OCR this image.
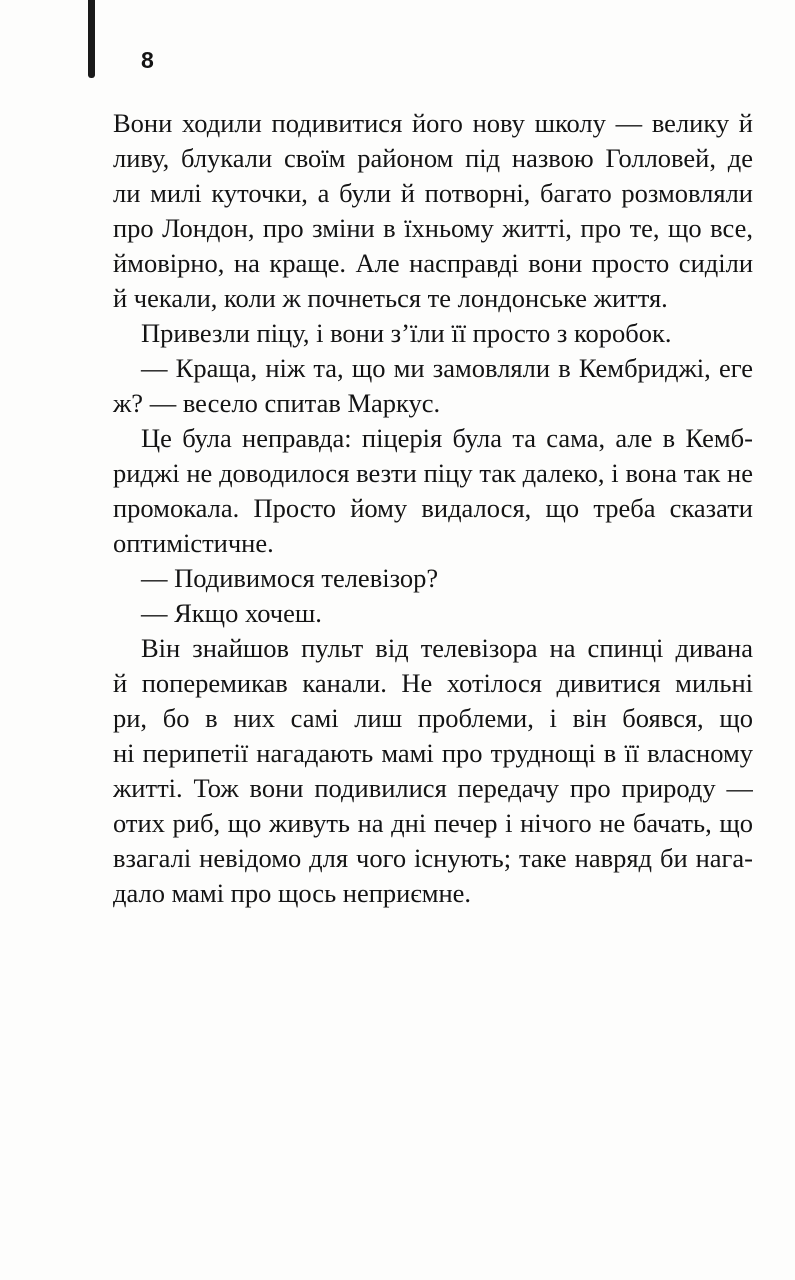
8
Вони ходили подивитися його нову школу — велику й
ливу, блукали своїм районом під назвою Голловей, де
ли милі куточки, а були й потворні, багато розмовляли
про Лондон, про зміни в їхньому житті, про те, що все,
ймовірно, на краще. Але насправді вони просто сиділи
й чекали, коли ж почнеться те лондонське життя.
Привезли піцу, і вони з’їли її просто з коробок.
— Краща, ніж та, що ми замовляли в Кембриджі, еге
ж? — весело спитав Маркус.
Це була неправда: піцерія була та сама, але в Кемб-
риджі не доводилося везти піцу так далеко, і вона так не
промокала. Просто йому видалося, що треба сказати
оптимістичне.
— Подивимося телевізор?
— Якщо хочеш.
Він знайшов пульт від телевізора на спинці дивана
й поперемикав канали. Не хотілося дивитися мильні
ри, бо в них самі лиш проблеми, і він боявся, що
ні перипетії нагадають мамі про труднощі в її власному
житті. Тож вони подивилися передачу про природу —
отих риб, що живуть на дні печер і нічого не бачать, що
взагалі невідомо для чого існують; таке навряд би нага-
дало мамі про щось неприємне.
